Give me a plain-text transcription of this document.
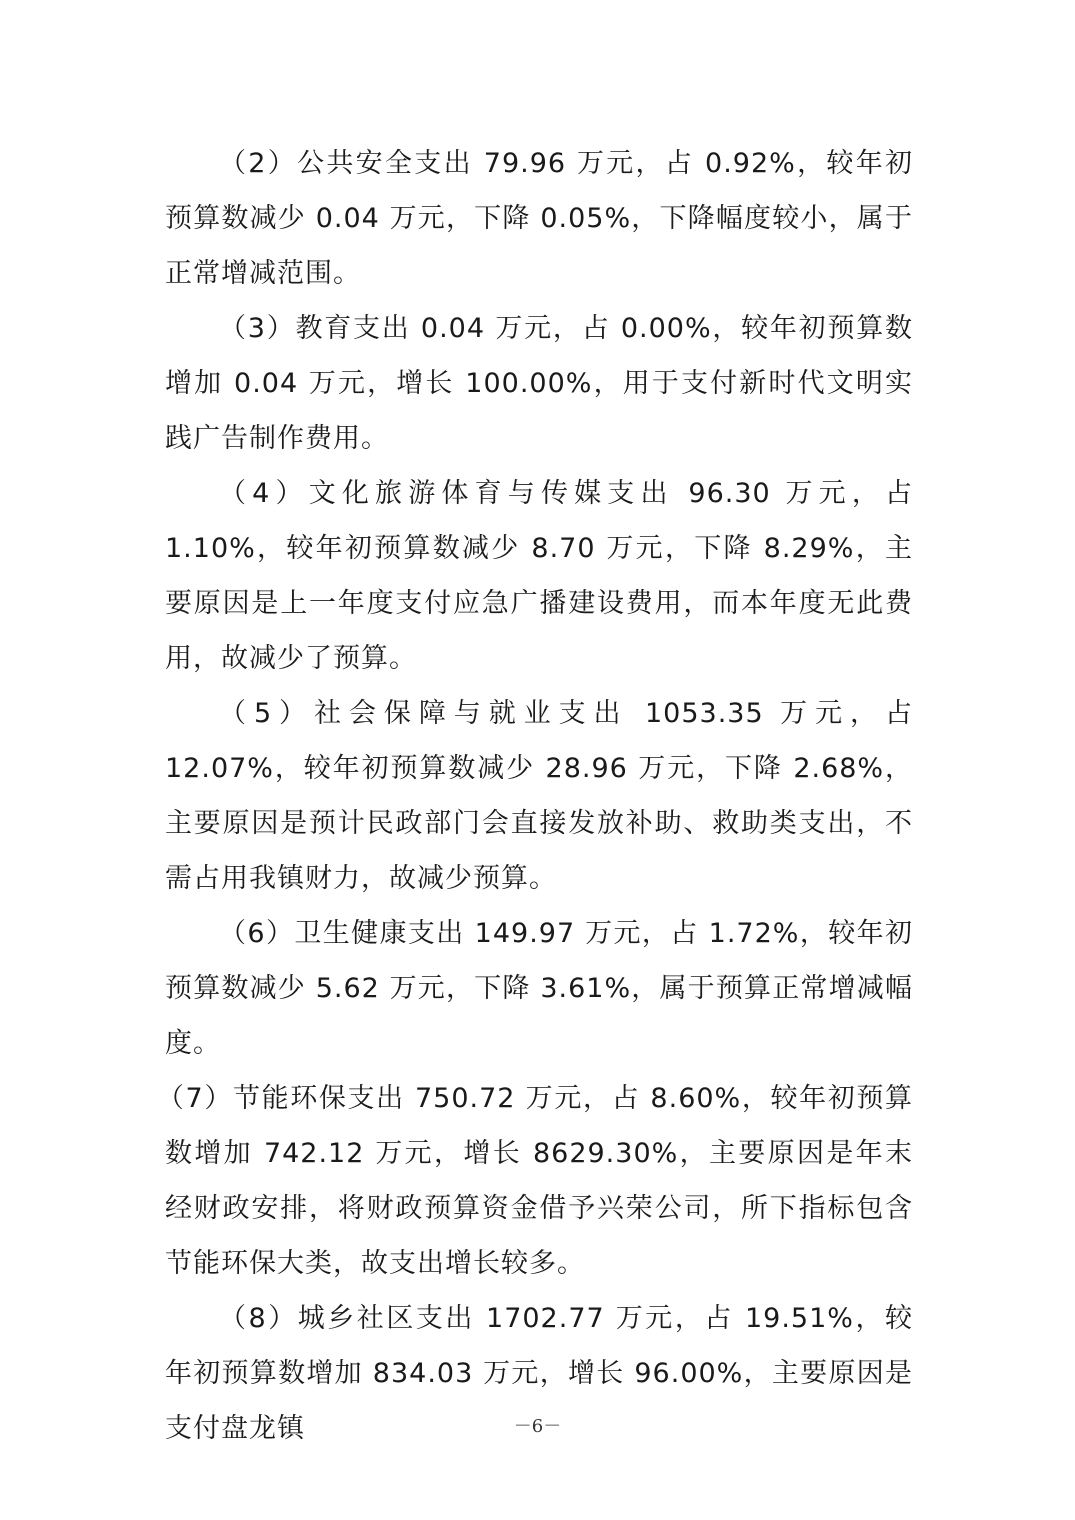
（2）公共安全支出 79.96 万元，占 0.92%，较年初预算数减少 0.04 万元，下降 0.05%，下降幅度较小，属于正常增减范围。

（3）教育支出 0.04 万元，占 0.00%，较年初预算数增加 0.04 万元，增长 100.00%，用于支付新时代文明实践广告制作费用。

（4）文化旅游体育与传媒支出 96.30 万元，占 1.10%，较年初预算数减少 8.70 万元，下降 8.29%，主要原因是上一年度支付应急广播建设费用，而本年度无此费用，故减少了预算。

（5）社会保障与就业支出 1053.35 万元，占 12.07%，较年初预算数减少 28.96 万元，下降 2.68%，主要原因是预计民政部门会直接发放补助、救助类支出，不需占用我镇财力，故减少预算。

（6）卫生健康支出 149.97 万元，占 1.72%，较年初预算数减少 5.62 万元，下降 3.61%，属于预算正常增减幅度。

（7）节能环保支出 750.72 万元，占 8.60%，较年初预算数增加 742.12 万元，增长 8629.30%，主要原因是年末经财政安排，将财政预算资金借予兴荣公司，所下指标包含节能环保大类，故支出增长较多。

（8）城乡社区支出 1702.77 万元，占 19.51%，较年初预算数增加 834.03 万元，增长 96.00%，主要原因是支付盘龙镇	－6－
